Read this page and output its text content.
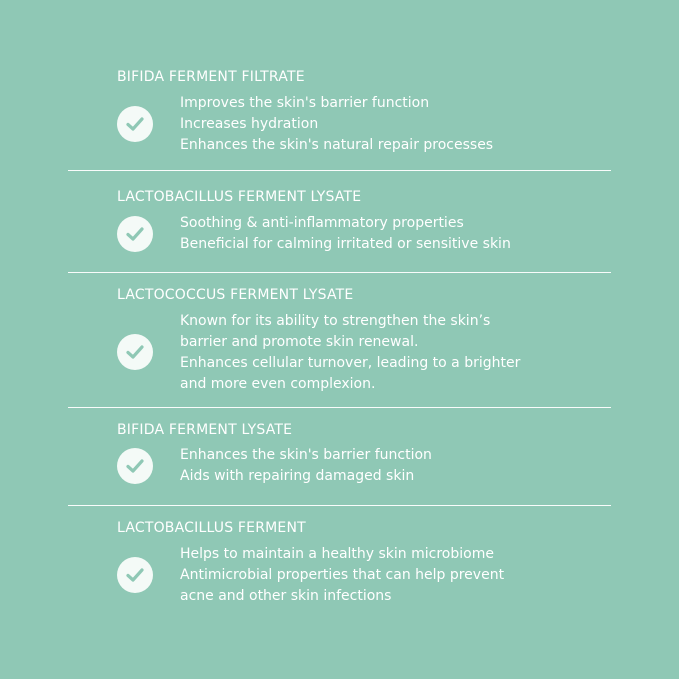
BIFIDA FERMENT FILTRATE
Improves the skin's barrier function
Increases hydration
Enhances the skin's natural repair processes
LACTOBACILLUS FERMENT LYSATE
Soothing & anti-inflammatory properties
Beneficial for calming irritated or sensitive skin
LACTOCOCCUS FERMENT LYSATE
Known for its ability to strengthen the skin’s
barrier and promote skin renewal.
Enhances cellular turnover, leading to a brighter
and more even complexion.
BIFIDA FERMENT LYSATE
Enhances the skin's barrier function
Aids with repairing damaged skin
LACTOBACILLUS FERMENT
Helps to maintain a healthy skin microbiome
Antimicrobial properties that can help prevent
acne and other skin infections
